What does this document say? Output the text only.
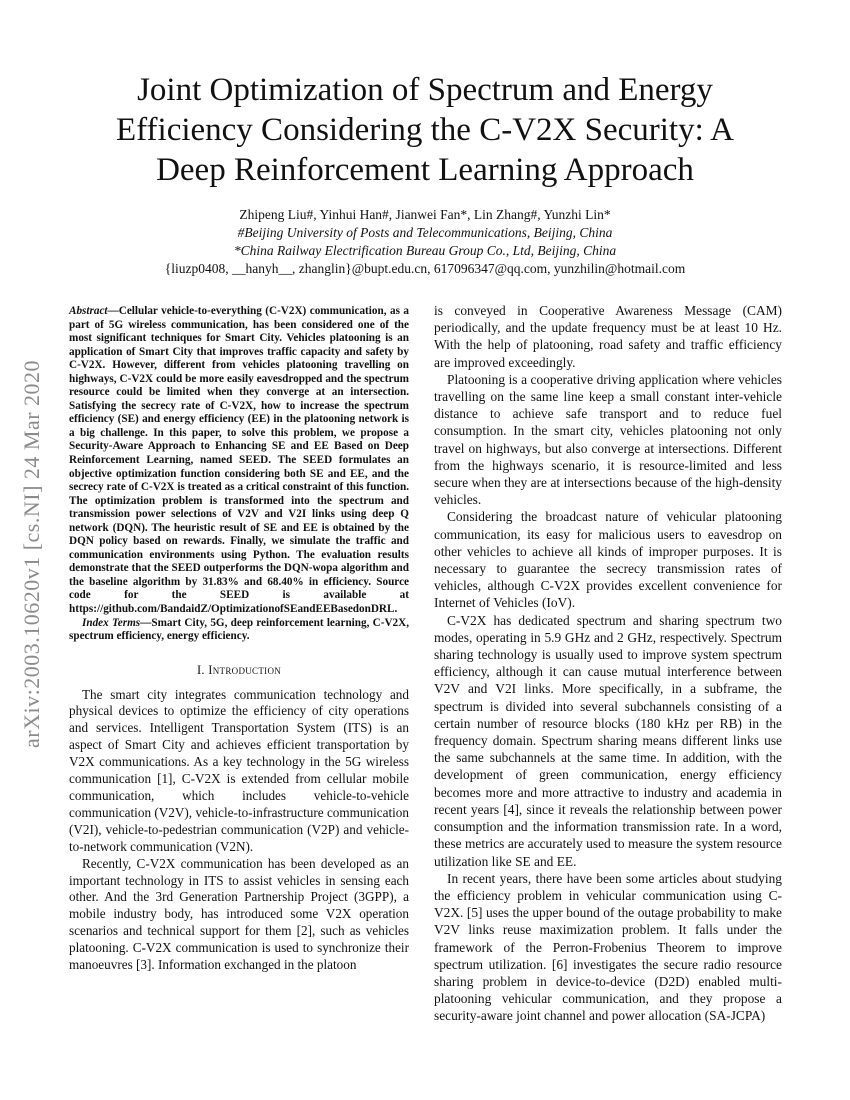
arXiv:2003.10620v1 [cs.NI] 24 Mar 2020
Joint Optimization of Spectrum and Energy
Efficiency Considering the C-V2X Security: A
Deep Reinforcement Learning Approach
Zhipeng Liu#, Yinhui Han#, Jianwei Fan*, Lin Zhang#, Yunzhi Lin*
#Beijing University of Posts and Telecommunications, Beijing, China
*China Railway Electrification Bureau Group Co., Ltd, Beijing, China
{liuzp0408, __hanyh__, zhanglin}@bupt.edu.cn, 617096347@qq.com, yunzhilin@hotmail.com

Abstract—Cellular vehicle-to-everything (C-V2X) communication, as a part of 5G wireless communication, has been considered one of the most significant techniques for Smart City. Vehicles platooning is an application of Smart City that improves traffic capacity and safety by C-V2X. However, different from vehicles platooning travelling on highways, C-V2X could be more easily eavesdropped and the spectrum resource could be limited when they converge at an intersection. Satisfying the secrecy rate of C-V2X, how to increase the spectrum efficiency (SE) and energy efficiency (EE) in the platooning network is a big challenge. In this paper, to solve this problem, we propose a Security-Aware Approach to Enhancing SE and EE Based on Deep Reinforcement Learning, named SEED. The SEED formulates an objective optimization function considering both SE and EE, and the secrecy rate of C-V2X is treated as a critical constraint of this function. The optimization problem is transformed into the spectrum and transmission power selections of V2V and V2I links using deep Q network (DQN). The heuristic result of SE and EE is obtained by the DQN policy based on rewards. Finally, we simulate the traffic and communication environments using Python. The evaluation results demonstrate that the SEED outperforms the DQN-wopa algorithm and the baseline algorithm by 31.83% and 68.40% in efficiency. Source code for the SEED is available at https://github.com/BandaidZ/OptimizationofSEandEEBasedonDRL.

Index Terms—Smart City, 5G, deep reinforcement learning, C-V2X, spectrum efficiency, energy efficiency.

I. Introduction

The smart city integrates communication technology and physical devices to optimize the efficiency of city operations and services. Intelligent Transportation System (ITS) is an aspect of Smart City and achieves efficient transportation by V2X communications. As a key technology in the 5G wireless communication [1], C-V2X is extended from cellular mobile communication, which includes vehicle-to-vehicle communication (V2V), vehicle-to-infrastructure communication (V2I), vehicle-to-pedestrian communication (V2P) and vehicle-to-network communication (V2N).

Recently, C-V2X communication has been developed as an important technology in ITS to assist vehicles in sensing each other. And the 3rd Generation Partnership Project (3GPP), a mobile industry body, has introduced some V2X operation scenarios and technical support for them [2], such as vehicles platooning. C-V2X communication is used to synchronize their manoeuvres [3]. Information exchanged in the platoon

is conveyed in Cooperative Awareness Message (CAM) periodically, and the update frequency must be at least 10 Hz. With the help of platooning, road safety and traffic efficiency are improved exceedingly.

Platooning is a cooperative driving application where vehicles travelling on the same line keep a small constant inter-vehicle distance to achieve safe transport and to reduce fuel consumption. In the smart city, vehicles platooning not only travel on highways, but also converge at intersections. Different from the highways scenario, it is resource-limited and less secure when they are at intersections because of the high-density vehicles.

Considering the broadcast nature of vehicular platooning communication, its easy for malicious users to eavesdrop on other vehicles to achieve all kinds of improper purposes. It is necessary to guarantee the secrecy transmission rates of vehicles, although C-V2X provides excellent convenience for Internet of Vehicles (IoV).

C-V2X has dedicated spectrum and sharing spectrum two modes, operating in 5.9 GHz and 2 GHz, respectively. Spectrum sharing technology is usually used to improve system spectrum efficiency, although it can cause mutual interference between V2V and V2I links. More specifically, in a subframe, the spectrum is divided into several subchannels consisting of a certain number of resource blocks (180 kHz per RB) in the frequency domain. Spectrum sharing means different links use the same subchannels at the same time. In addition, with the development of green communication, energy efficiency becomes more and more attractive to industry and academia in recent years [4], since it reveals the relationship between power consumption and the information transmission rate. In a word, these metrics are accurately used to measure the system resource utilization like SE and EE.

In recent years, there have been some articles about studying the efficiency problem in vehicular communication using C-V2X. [5] uses the upper bound of the outage probability to make V2V links reuse maximization problem. It falls under the framework of the Perron-Frobenius Theorem to improve spectrum utilization. [6] investigates the secure radio resource sharing problem in device-to-device (D2D) enabled multi-platooning vehicular communication, and they propose a security-aware joint channel and power allocation (SA-JCPA)
